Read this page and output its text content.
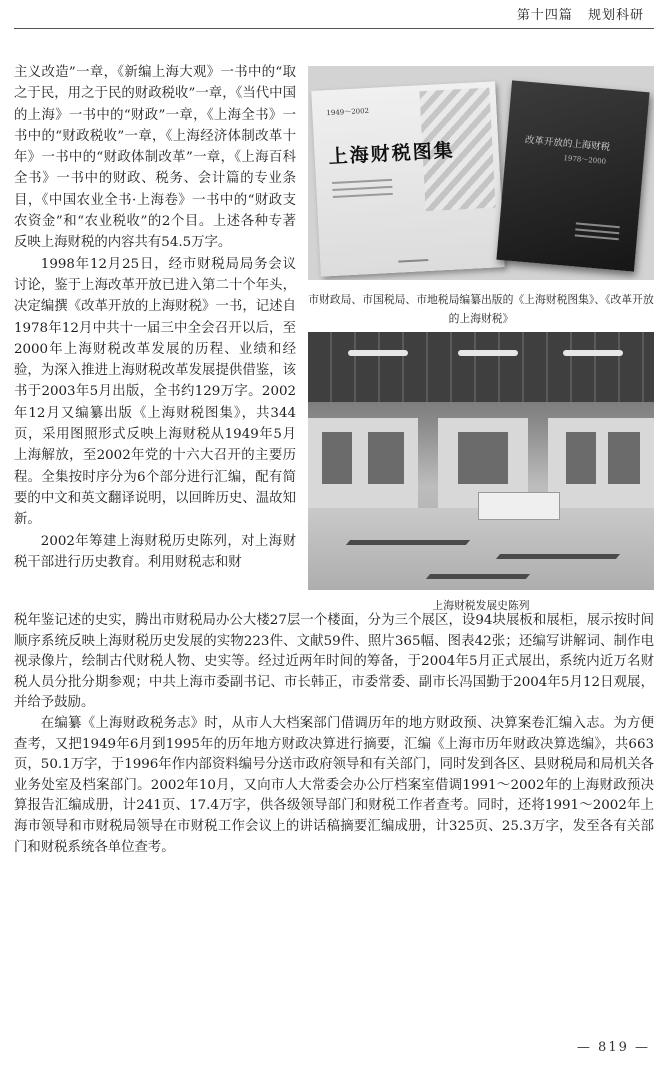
第十四篇 规划科研

主义改造”一章，《新编上海大观》一书中的“取之于民，用之于民的财政税收”一章，《当代中国的上海》一书中的“财政”一章，《上海全书》一书中的“财政税收”一章，《上海经济体制改革十年》一书中的“财政体制改革”一章，《上海百科全书》一书中的财政、税务、会计篇的专业条目，《中国农业全书·上海卷》一书中的“财政支农资金”和“农业税收”的2个目。上述各种专著反映上海财税的内容共有54.5万字。

1998年12月25日，经市财税局局务会议讨论，鉴于上海改革开放已进入第二十个年头，决定编撰《改革开放的上海财税》一书，记述自1978年12月中共十一届三中全会召开以后，至2000年上海财税改革发展的历程、业绩和经验，为深入推进上海财税改革发展提供借鉴，该书于2003年5月出版，全书约129万字。2002年12月又编纂出版《上海财税图集》，共344页，采用图照形式反映上海财税从1949年5月上海解放，至2002年党的十六大召开的主要历程。全集按时序分为6个部分进行汇编，配有简要的中文和英文翻译说明，以回眸历史、温故知新。

2002年筹建上海财税历史陈列，对上海财税干部进行历史教育。利用财税志和财

1949～2002
上海财税图集	改革开放的上海财税
1978～2000
市财政局、市国税局、市地税局编纂出版的《上海财税图集》、《改革开放的上海财税》
上海财税发展史陈列

税年鉴记述的史实，腾出市财税局办公大楼27层一个楼面，分为三个展区，设94块展板和展柜，展示按时间顺序系统反映上海财税历史发展的实物223件、文献59件、照片365幅、图表42张；还编写讲解词、制作电视录像片，绘制古代财税人物、史实等。经过近两年时间的筹备，于2004年5月正式展出，系统内近万名财税人员分批分期参观；中共上海市委副书记、市长韩正，市委常委、副市长冯国勤于2004年5月12日观展，并给予鼓励。

在编纂《上海财政税务志》时，从市人大档案部门借调历年的地方财政预、决算案卷汇编入志。为方便查考，又把1949年6月到1995年的历年地方财政决算进行摘要，汇编《上海市历年财政决算选编》，共663页，50.1万字，于1996年作内部资料编号分送市政府领导和有关部门，同时发到各区、县财税局和局机关各业务处室及档案部门。2002年10月，又向市人大常委会办公厅档案室借调1991～2002年的上海财政预决算报告汇编成册，计241页、17.4万字，供各级领导部门和财税工作者查考。同时，还将1991～2002年上海市领导和市财税局领导在市财税工作会议上的讲话稿摘要汇编成册，计325页、25.3万字，发至各有关部门和财税系统各单位查考。

— 819 —
